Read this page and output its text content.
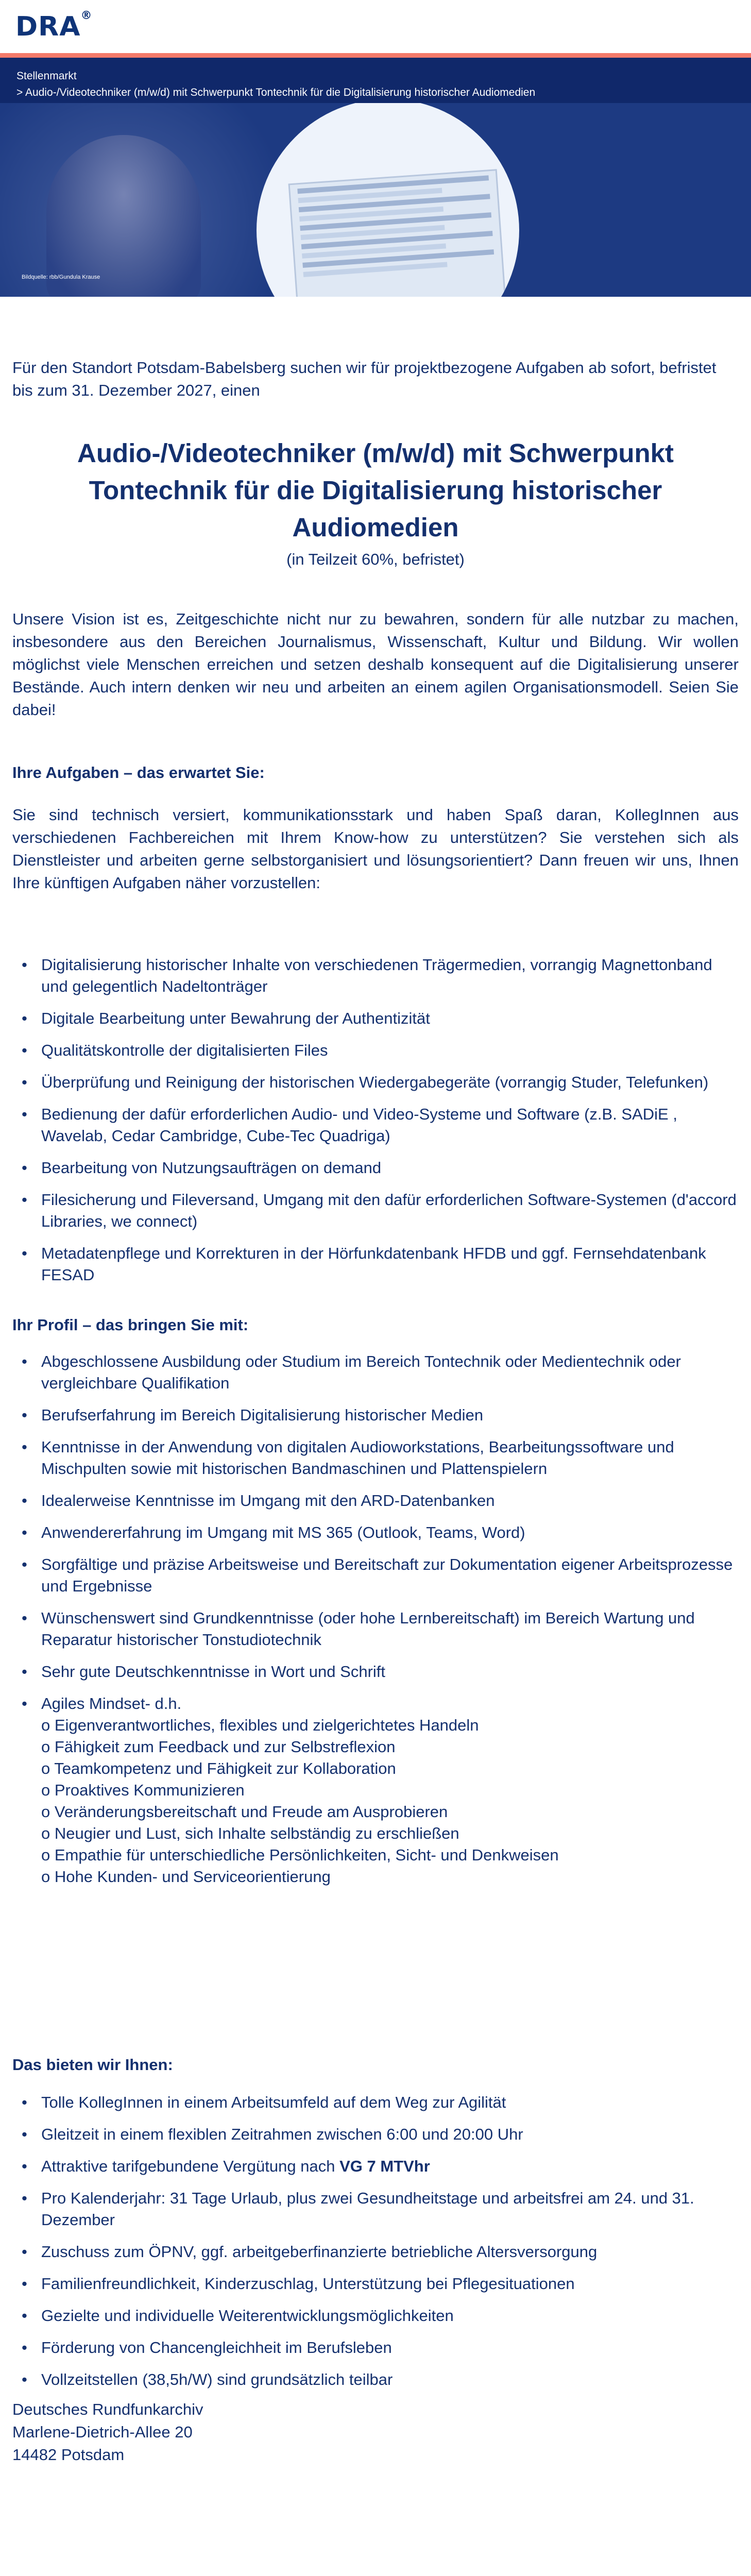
DRA®
Stellenmarkt
> Audio-/Videotechniker (m/w/d) mit Schwerpunkt Tontechnik für die Digitalisierung historischer Audiomedien
Bildquelle: rbb/Gundula Krause

Für den Standort Potsdam-Babelsberg suchen wir für projektbezogene Aufgaben ab sofort, befristet bis zum 31. Dezember 2027, einen

Audio-/Videotechniker (m/w/d) mit Schwerpunkt Tontechnik für die Digitalisierung historischer Audiomedien

(in Teilzeit 60%, befristet)

Unsere Vision ist es, Zeitgeschichte nicht nur zu bewahren, sondern für alle nutzbar zu machen, insbesondere aus den Bereichen Journalismus, Wissenschaft, Kultur und Bildung. Wir wollen möglichst viele Menschen erreichen und setzen deshalb konsequent auf die Digitalisierung unserer Bestände. Auch intern denken wir neu und arbeiten an einem agilen Organisationsmodell. Seien Sie dabei!

Ihre Aufgaben – das erwartet Sie:

Sie sind technisch versiert, kommunikationsstark und haben Spaß daran, KollegInnen aus verschiedenen Fachbereichen mit Ihrem Know-how zu unterstützen? Sie verstehen sich als Dienstleister und arbeiten gerne selbstorganisiert und lösungsorientiert? Dann freuen wir uns, Ihnen Ihre künftigen Aufgaben näher vorzustellen:

• Digitalisierung historischer Inhalte von verschiedenen Trägermedien, vorrangig Magnettonband und gelegentlich Nadeltonträger
• Digitale Bearbeitung unter Bewahrung der Authentizität
• Qualitätskontrolle der digitalisierten Files
• Überprüfung und Reinigung der historischen Wiedergabegeräte (vorrangig Studer, Telefunken)
• Bedienung der dafür erforderlichen Audio- und Video-Systeme und Software (z.B. SADiE , Wavelab, Cedar Cambridge, Cube-Tec Quadriga)
• Bearbeitung von Nutzungsaufträgen on demand
• Filesicherung und Fileversand, Umgang mit den dafür erforderlichen Software-Systemen (d'accord Libraries, we connect)
• Metadatenpflege und Korrekturen in der Hörfunkdatenbank HFDB und ggf. Fernsehdatenbank FESAD
Ihr Profil – das bringen Sie mit:
• Abgeschlossene Ausbildung oder Studium im Bereich Tontechnik oder Medientechnik oder vergleichbare Qualifikation
• Berufserfahrung im Bereich Digitalisierung historischer Medien
• Kenntnisse in der Anwendung von digitalen Audioworkstations, Bearbeitungssoftware und Mischpulten sowie mit historischen Bandmaschinen und Plattenspielern
• Idealerweise Kenntnisse im Umgang mit den ARD-Datenbanken
• Anwendererfahrung im Umgang mit MS 365 (Outlook, Teams, Word)
• Sorgfältige und präzise Arbeitsweise und Bereitschaft zur Dokumentation eigener Arbeitsprozesse und Ergebnisse
• Wünschenswert sind Grundkenntnisse (oder hohe Lernbereitschaft) im Bereich Wartung und Reparatur historischer Tonstudiotechnik
• Sehr gute Deutschkenntnisse in Wort und Schrift
• Agiles Mindset- d.h.
o Eigenverantwortliches, flexibles und zielgerichtetes Handeln
o Fähigkeit zum Feedback und zur Selbstreflexion
o Teamkompetenz und Fähigkeit zur Kollaboration
o Proaktives Kommunizieren
o Veränderungsbereitschaft und Freude am Ausprobieren
o Neugier und Lust, sich Inhalte selbständig zu erschließen
o Empathie für unterschiedliche Persönlichkeiten, Sicht- und Denkweisen
o Hohe Kunden- und Serviceorientierung
Das bieten wir Ihnen:
• Tolle KollegInnen in einem Arbeitsumfeld auf dem Weg zur Agilität
• Gleitzeit in einem flexiblen Zeitrahmen zwischen 6:00 und 20:00 Uhr
• Attraktive tarifgebundene Vergütung nach VG 7 MTVhr
• Pro Kalenderjahr: 31 Tage Urlaub, plus zwei Gesundheitstage und arbeitsfrei am 24. und 31. Dezember
• Zuschuss zum ÖPNV, ggf. arbeitgeberfinanzierte betriebliche Altersversorgung
• Familienfreundlichkeit, Kinderzuschlag, Unterstützung bei Pflegesituationen
• Gezielte und individuelle Weiterentwicklungsmöglichkeiten
• Förderung von Chancengleichheit im Berufsleben
• Vollzeitstellen (38,5h/W) sind grundsätzlich teilbar
Deutsches Rundfunkarchiv
Marlene-Dietrich-Allee 20
14482 Potsdam
